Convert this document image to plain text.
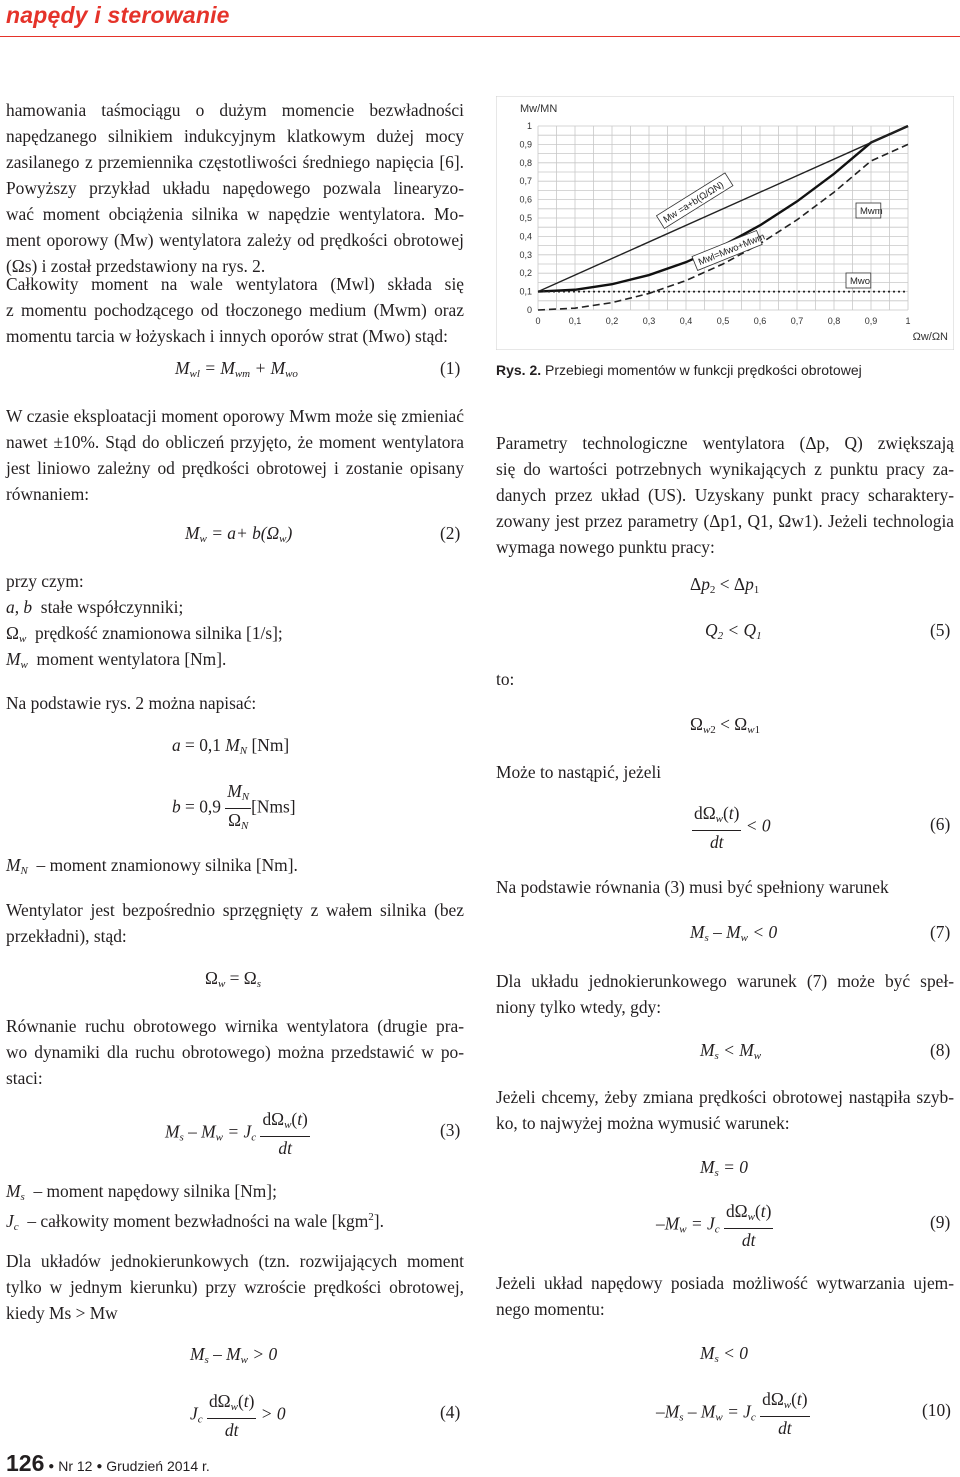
napędy i sterowanie
hamowania taśmociągu o dużym momencie bezwładności
napędzanego silnikiem indukcyjnym klatkowym dużej mocy
zasilanego z przemiennika częstotliwości średniego napięcia [6].
Powyższy przykład układu napędowego pozwala linearyzo-
wać moment obciążenia silnika w napędzie wentylatora. Mo-
ment oporowy (Mw) wentylatora zależy od prędkości obrotowej
(Ωs) i został przedstawiony na rys. 2.
Całkowity moment na wale wentylatora (Mwl) składa się
z momentu pochodzącego od tłoczonego medium (Mwm) oraz
momentu tarcia w łożyskach i innych oporów strat (Mwo) stąd:
$M_{wl} = M_{wm} + M_{wo}$	(1)
W czasie eksploatacji moment oporowy Mwm może się zmieniać
nawet ±10%. Stąd do obliczeń przyjęto, że moment wentylatora
jest liniowo zależny od prędkości obrotowej i zostanie opisany
równaniem:
$M_w = a+ b(\Omega_w)$	(2)
przy czym:
a, b  stałe współczynniki;
$\Omega_w$  prędkość znamionowa silnika [1/s];
$M_w$  moment wentylatora [Nm].
Na podstawie rys. 2 można napisać:
a = 0,1 $M_N$ [Nm]
$b = 0,9 \frac{M_N}{\Omega_N} [Nms]$
$M_N$  – moment znamionowy silnika [Nm].
Wentylator jest bezpośrednio sprzęgnięty z wałem silnika (bez
przekładni), stąd:
$\Omega_w = \Omega_s$
Równanie ruchu obrotowego wirnika wentylatora (drugie pra-
wo dynamiki dla ruchu obrotowego) można przedstawić w po-
staci:
$M_s - M_w = J_c \frac{d\Omega_w(t)}{dt}$	(3)
$M_s$  – moment napędowy silnika [Nm];
$J_c$  – całkowity moment bezwładności na wale [kgm$^2$].
Dla układów jednokierunkowych (tzn. rozwijających moment
tylko w jednym kierunku) przy wzroście prędkości obrotowej,
kiedy Ms > Mw
$M_s - M_w > 0$
$J_c \frac{d\Omega_w(t)}{dt} > 0$	(4)
0	0,1	0,2	0,3	0,4	0,5	0,6	0,7	0,8	0,9	1
0
0,1
0,2
0,3
0,4
0,5
0,6
0,7
0,8
0,9
1
Mw/MN
Ωw/ΩN
Mw =a+b(Ω/ΩN)
Mwl=Mwo+Mwm
Mwm
Mwo
Rys. 2. Przebiegi momentów w funkcji prędkości obrotowej
Parametry technologiczne wentylatora (Δp, Q) zwiększają
się do wartości potrzebnych wynikających z punktu pracy za-
danych przez układ (US). Uzyskany punkt pracy scharaktery-
zowany jest przez parametry (Δp1, Q1, Ωw1). Jeżeli technologia
wymaga nowego punktu pracy:
$\Delta p_2 < \Delta p_1$
$Q_2 < Q_1$	(5)
to:
$\Omega_{w2} < \Omega_{w1}$
Może to nastąpić, jeżeli
$\frac{d\Omega_w(t)}{dt} < 0$	(6)
Na podstawie równania (3) musi być spełniony warunek
$M_s - M_w < 0$	(7)
Dla układu jednokierunkowego warunek (7) może być speł-
niony tylko wtedy, gdy:
$M_s < M_w$	(8)
Jeżeli chcemy, żeby zmiana prędkości obrotowej nastąpiła szyb-
ko, to najwyżej można wymusić warunek:
$M_s = 0$
$-M_w = J_c \frac{d\Omega_w(t)}{dt}$	(9)
Jeżeli układ napędowy posiada możliwość wytwarzania ujem-
nego momentu:
$M_s < 0$
$-M_s - M_w = J_c \frac{d\Omega_w(t)}{dt}$	(10)
126 ● Nr 12 ● Grudzień 2014 r.
